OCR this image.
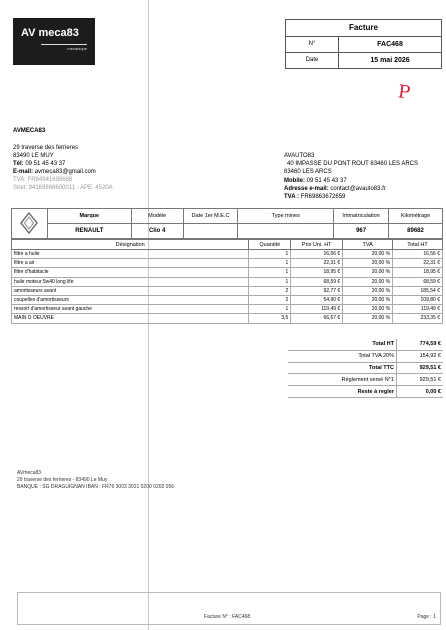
AV meca83
mecanique
Facture
N°	FAC468
Date	15 mai 2026
P
AVMECA83
29 traverse des ferrieres
83490 LE MUY
Tél: 09 51 45 43 37
E-mail: avmeca83@gmail.com
TVA: FR84941699686
Siret: 94169868600011 - APE: 4520A
AVAUTO83
40 IMPASSE DU PONT ROUT 83460 LES ARCS
83460 LES ARCS
Mobile: 09 51 45 43 37
Adresse e-mail: contact@avauto83.fr
TVA : FR69863672659
	Marque	Modèle	Date 1er M.E.C	Type mines	Immatriculation	Kilométrage
	RENAULT	Clio 4			967	89682
Désignation	Quantité	Prix Uni. HT	TVA	Total HT
filtre a huile	1	16,56 €	20,00 %	16,56 €
filtre a air	1	22,31 €	20,00 %	22,31 €
filtre d'habitacle	1	18,95 €	20,00 %	18,95 €
huile moteur 5w40 long life	1	68,59 €	20,00 %	68,59 €
amortisseurs avant	2	92,77 €	20,00 %	185,54 €
coupelles d'amortisseurs	2	54,90 €	20,00 %	109,80 €
ressort d'amortisseur avant gauche	1	119,49 €	20,00 %	119,49 €
MAIN D OEUVRE	3,5	66,67 €	20,00 %	233,35 €
Total HT	774,59 €
Total TVA 20%	154,92 €
Total TTC	929,51 €
Règlement versé N°1	929,51 €
Reste à regler	0,00 €
AVmeca83
29 traverse des ferrieres - 83490 Le Muy
BANQUE : SG DRAGUIGNAN IBAN : FR76 3003 3021 0200 0202 056
Facture N° : FAC468	Page : 1
